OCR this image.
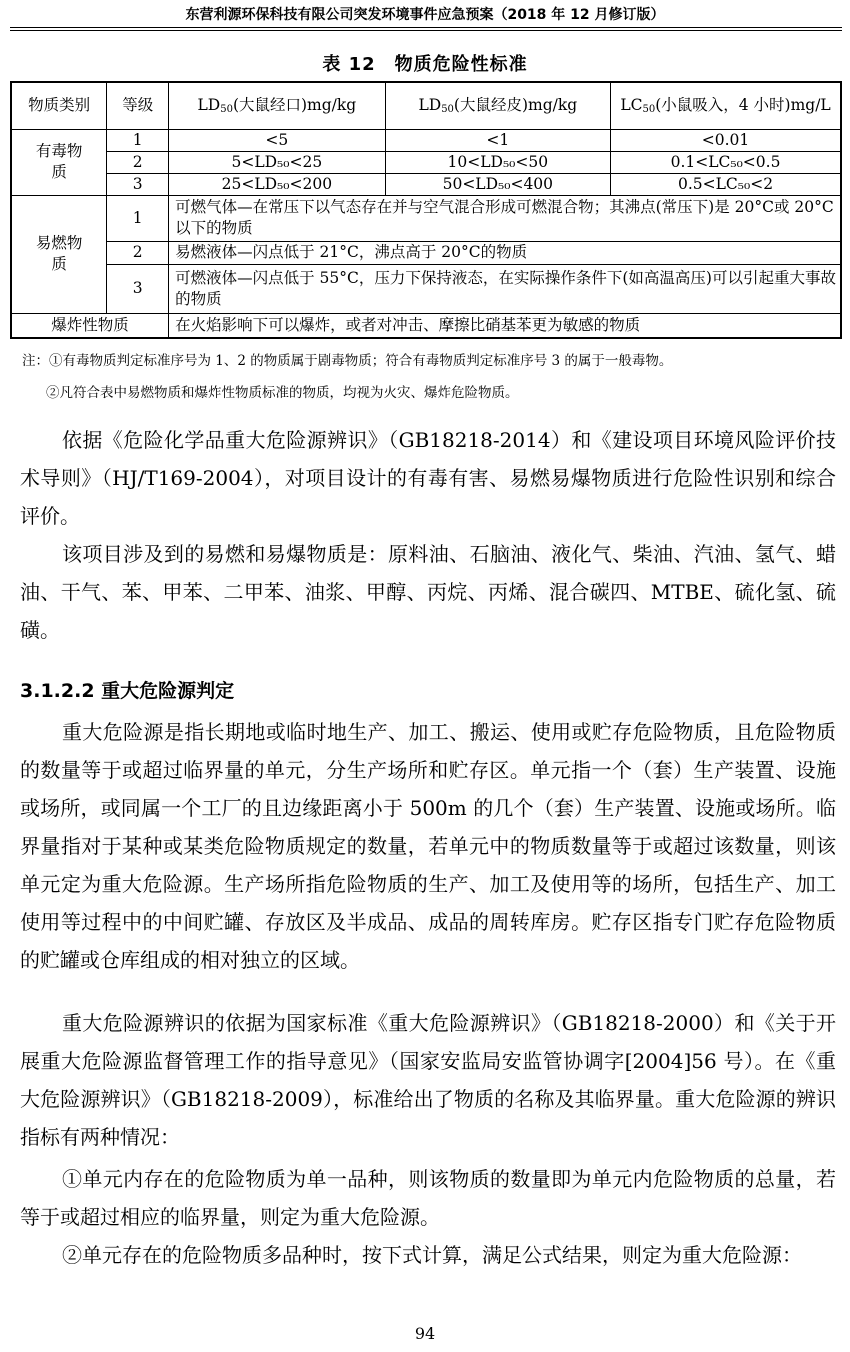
东营利源环保科技有限公司突发环境事件应急预案（2018 年 12 月修订版）
表 12　物质危险性标准
物质类别	等级	$LD_{50}$(大鼠经口)mg/kg	$LD_{50}$(大鼠经皮)mg/kg	$LC_{50}$(小鼠吸入，4 小时)mg/L
有毒物质	1	<5	<1	<0.01
	2	5<LD₅₀<25	10<LD₅₀<50	0.1<LC₅₀<0.5
	3	25<LD₅₀<200	50<LD₅₀<400	0.5<LC₅₀<2
易燃物质	1	可燃气体—在常压下以气态存在并与空气混合形成可燃混合物；其沸点(常压下)是 20°C或 20°C以下的物质		
	2	易燃液体—闪点低于 21°C，沸点高于 20°C的物质		
	3	可燃液体—闪点低于 55°C，压力下保持液态，在实际操作条件下(如高温高压)可以引起重大事故的物质		
爆炸性物质		在火焰影响下可以爆炸，或者对冲击、摩擦比硝基苯更为敏感的物质		
注：①有毒物质判定标准序号为 1、2 的物质属于剧毒物质；符合有毒物质判定标准序号 3 的属于一般毒物。
②凡符合表中易燃物质和爆炸性物质标准的物质，均视为火灾、爆炸危险物质。

依据《危险化学品重大危险源辨识》（GB18218-2014）和《建设项目环境风险评价技术导则》（HJ/T169-2004），对项目设计的有毒有害、易燃易爆物质进行危险性识别和综合评价。

该项目涉及到的易燃和易爆物质是：原料油、石脑油、液化气、柴油、汽油、氢气、蜡油、干气、苯、甲苯、二甲苯、油浆、甲醇、丙烷、丙烯、混合碳四、MTBE、硫化氢、硫磺。

3.1.2.2 重大危险源判定

重大危险源是指长期地或临时地生产、加工、搬运、使用或贮存危险物质，且危险物质的数量等于或超过临界量的单元，分生产场所和贮存区。单元指一个（套）生产装置、设施或场所，或同属一个工厂的且边缘距离小于 500m 的几个（套）生产装置、设施或场所。临界量指对于某种或某类危险物质规定的数量，若单元中的物质数量等于或超过该数量，则该单元定为重大危险源。生产场所指危险物质的生产、加工及使用等的场所，包括生产、加工使用等过程中的中间贮罐、存放区及半成品、成品的周转库房。贮存区指专门贮存危险物质的贮罐或仓库组成的相对独立的区域。

重大危险源辨识的依据为国家标准《重大危险源辨识》（GB18218-2000）和《关于开展重大危险源监督管理工作的指导意见》（国家安监局安监管协调字[2004]56 号）。在《重大危险源辨识》（GB18218-2009），标准给出了物质的名称及其临界量。重大危险源的辨识指标有两种情况：

①单元内存在的危险物质为单一品种，则该物质的数量即为单元内危险物质的总量，若等于或超过相应的临界量，则定为重大危险源。

②单元存在的危险物质多品种时，按下式计算，满足公式结果，则定为重大危险源：

94
